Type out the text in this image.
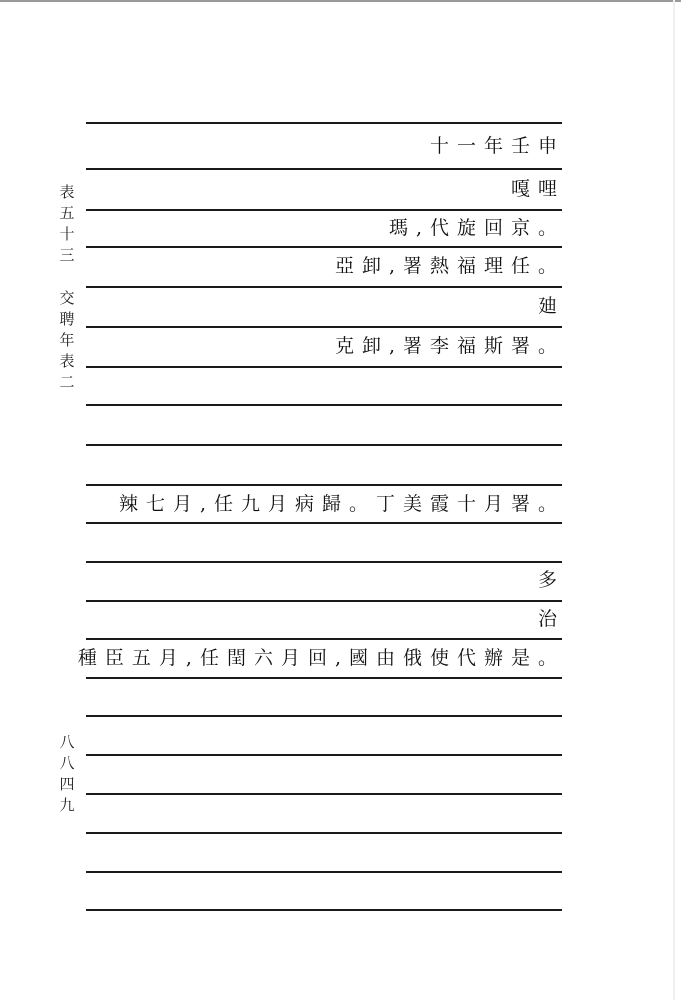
表
五
十
三
交
聘
年
表
二
八
八
四
九
十一年壬申
嘎哩
瑪,代旋回京。
亞卸,署熱福理任。
廸
克卸,署李福斯署。
辣七月,任九月病歸。丁美霞十月署。
多
治
種臣五月,任閏六月回,國由俄使代辦是。
